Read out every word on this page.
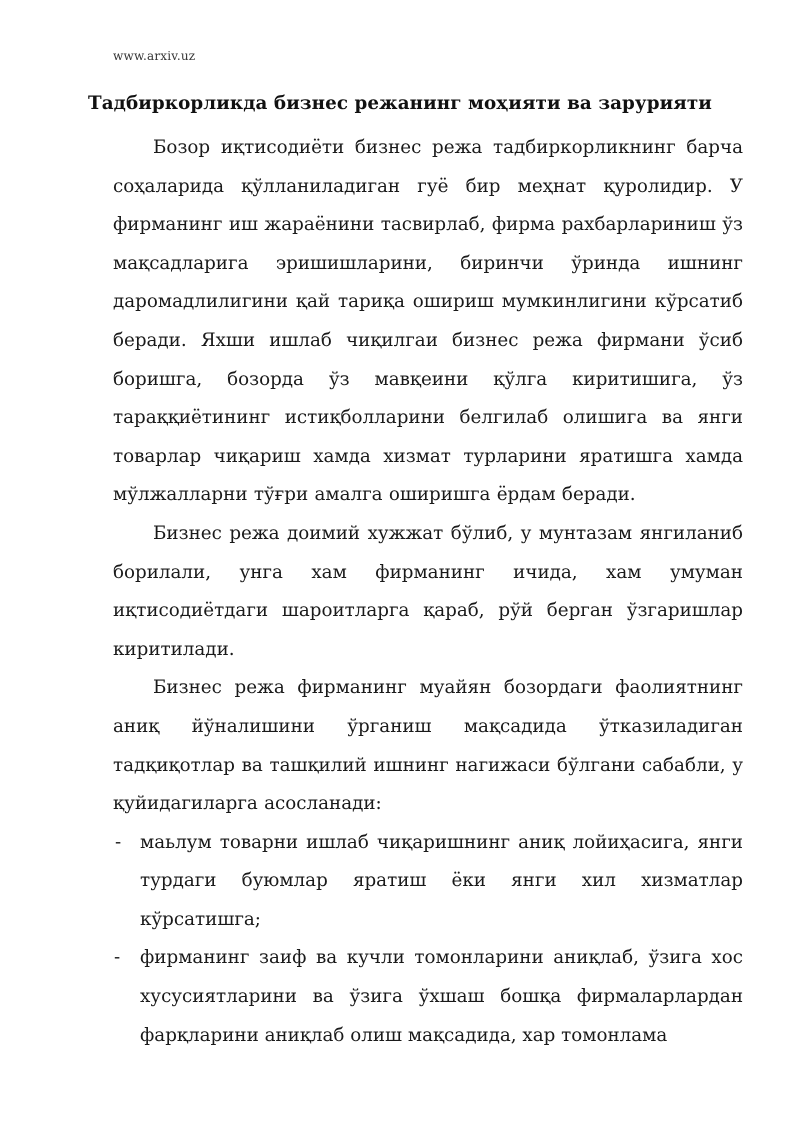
www.arxiv.uz
Тадбиркорликда бизнес режанинг моҳияти ва зарурияти

Бозор иқтисодиёти бизнес режа тадбиркорликнинг барча соҳаларида қўлланиладиган гуё бир меҳнат қуролидир. У фирманинг иш жараёнини тасвирлаб, фирма рахбарлариниш ўз мақсадларига эришишларини, биринчи ўринда ишнинг даромадлилигини қай тариқа ошириш мумкинлигини кўрсатиб беради. Яхши ишлаб чиқилгаи бизнес режа фирмани ўсиб боришга, бозорда ўз мавқеини қўлга киритишига, ўз тараққиётининг истиқболларини белгилаб олишига ва янги товарлар чиқариш хамда хизмат турларини яратишга хамда мўлжалларни тўғри амалга оширишга ёрдам беради.

Бизнес режа доимий хужжат бўлиб, у мунтазам янгиланиб борилали, унга хам фирманинг ичида, хам умуман иқтисодиётдаги шароитларга қараб, рўй берган ўзгаришлар киритилади.

Бизнес режа фирманинг муайян бозордаги фаолиятнинг аниқ йўналишини ўрганиш мақсадида ўтказиладиган тадқиқотлар ва ташқилий ишнинг нагижаси бўлгани сабабли, у қуйидагиларга асосланади:

- маьлум товарни ишлаб чиқаришнинг аниқ лойиҳасига, янги турдаги буюмлар яратиш ёки янги хил хизматлар кўрсатишга;
- фирманинг заиф ва кучли томонларини аниқлаб, ўзига хос хусусиятларини ва ўзига ўхшаш бошқа фирмаларлардан фарқларини аниқлаб олиш мақсадида, хар томонлама
